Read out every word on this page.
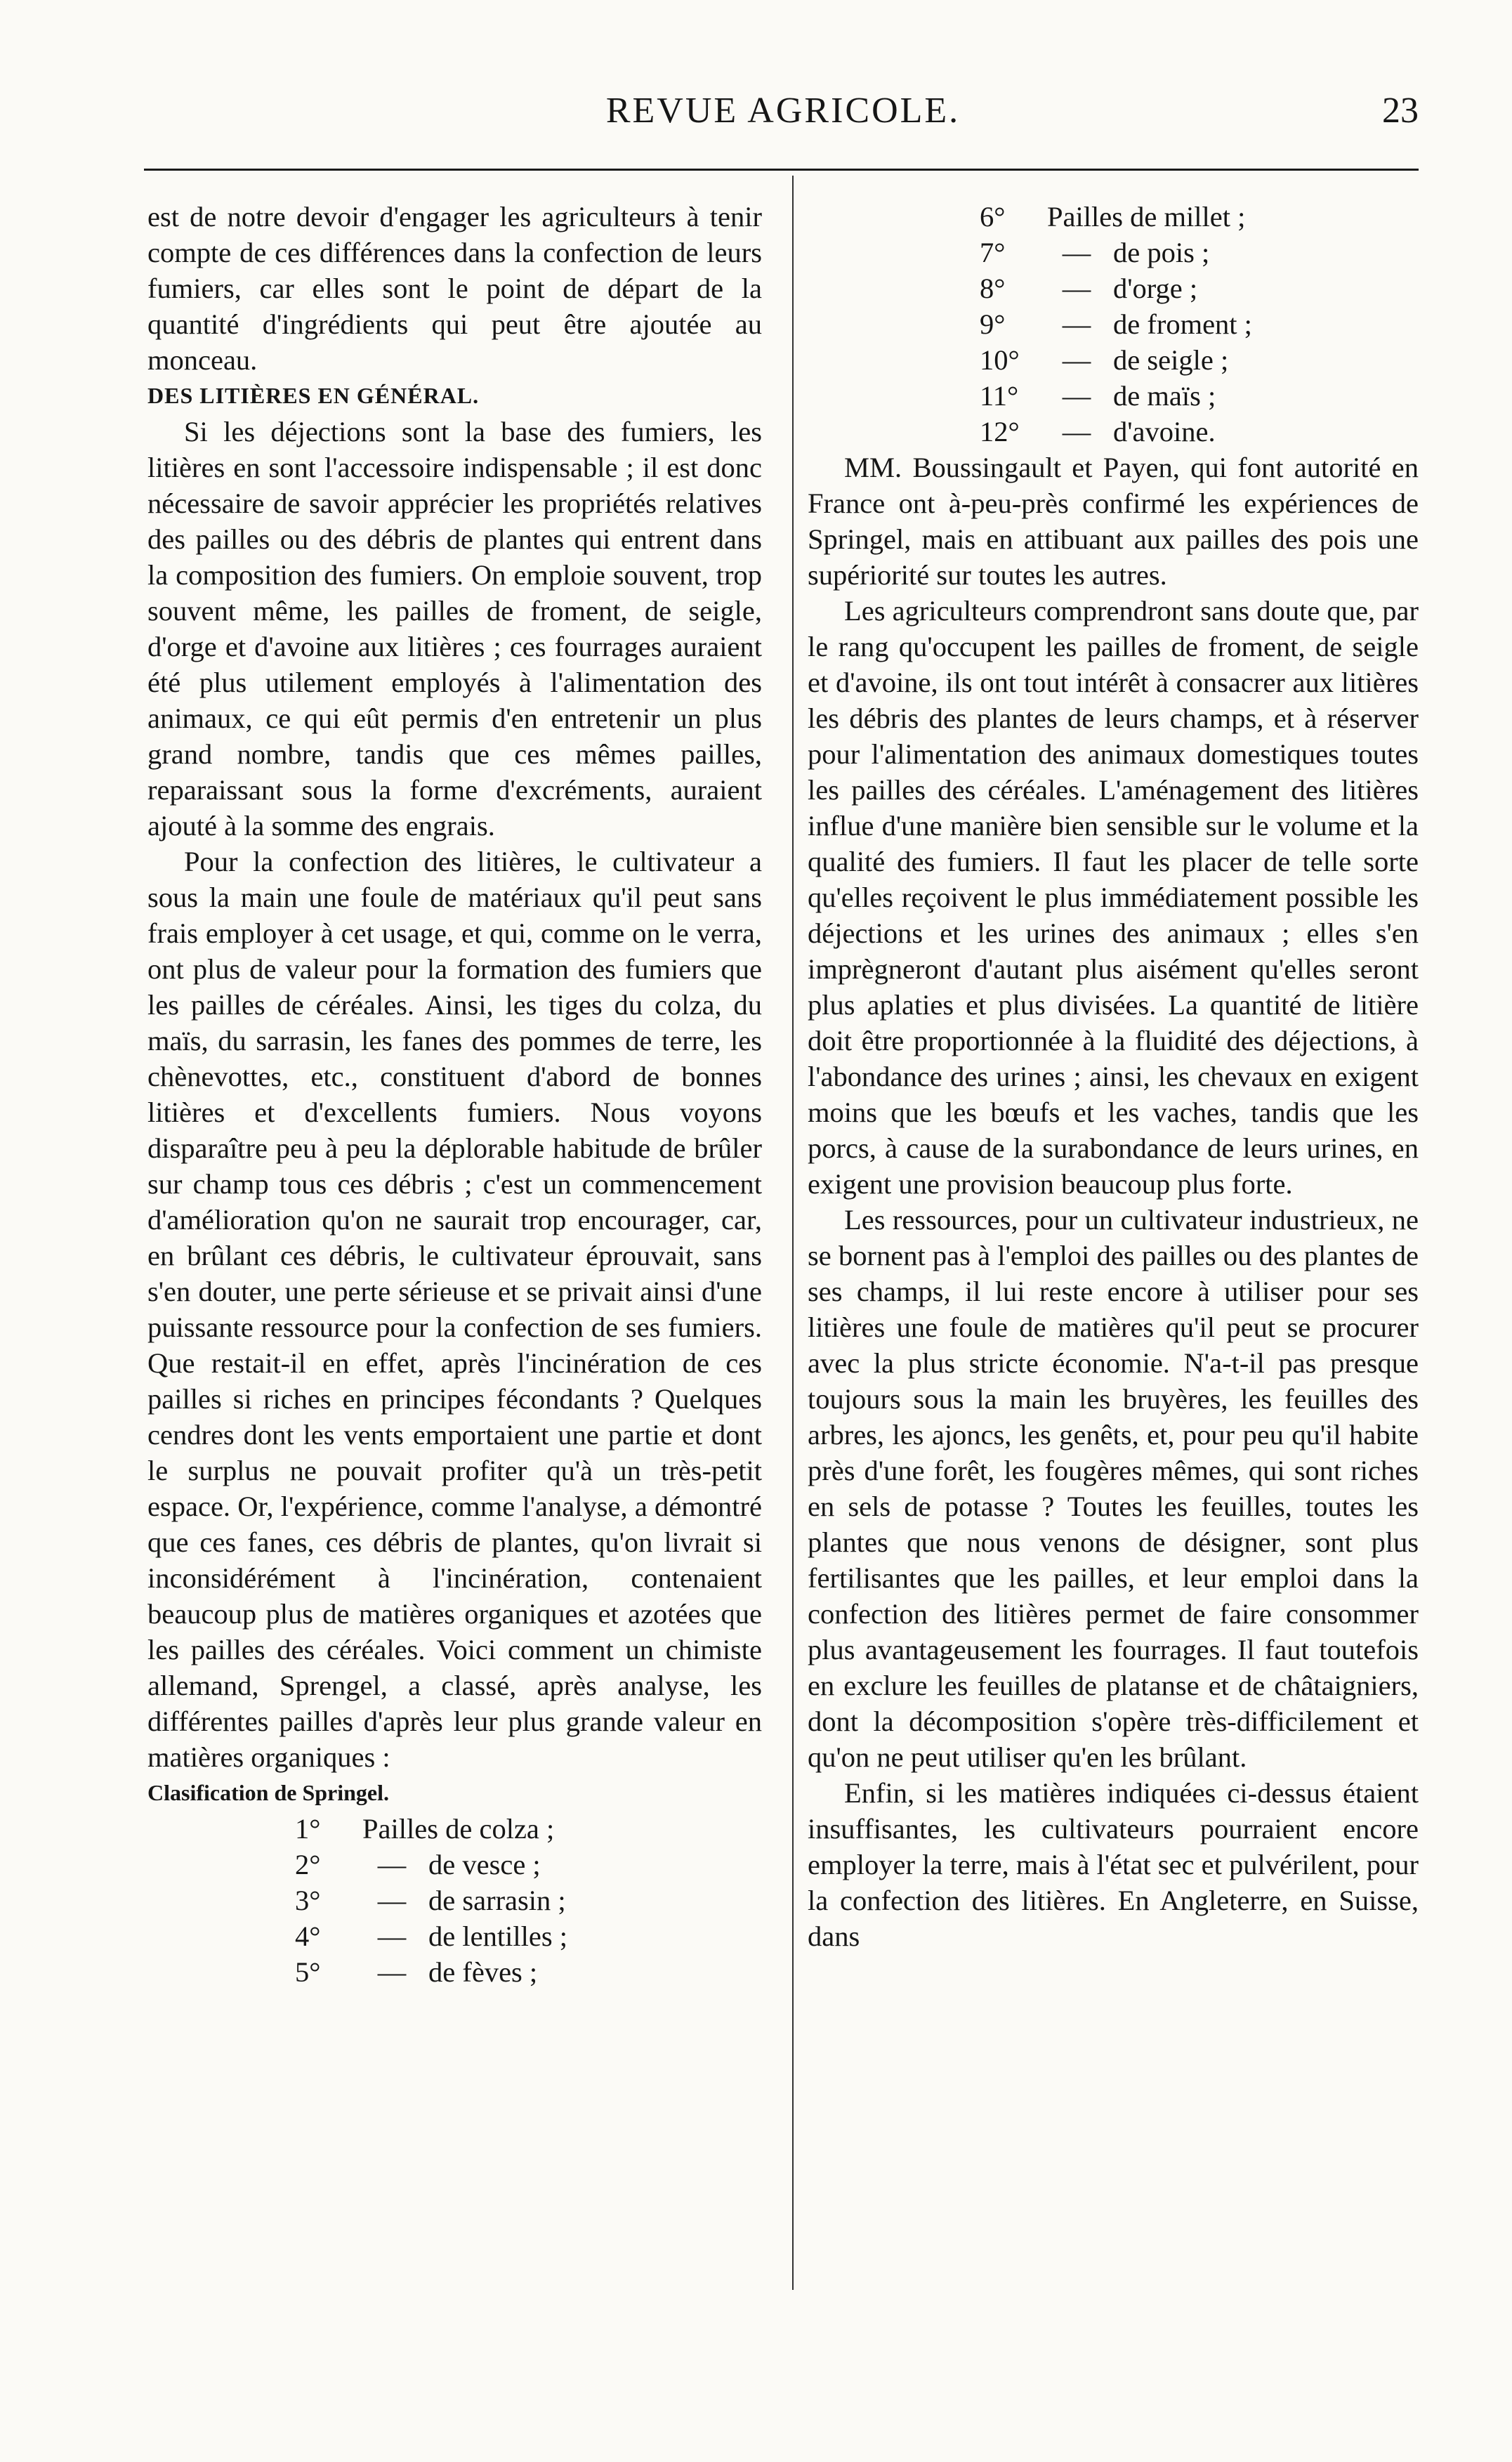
REVUE AGRICOLE.	23

est de notre devoir d'engager les agriculteurs à tenir compte de ces différences dans la confection de leurs fumiers, car elles sont le point de départ de la quantité d'ingrédients qui peut être ajoutée au monceau.

DES LITIÈRES EN GÉNÉRAL.

Si les déjections sont la base des fumiers, les litières en sont l'accessoire indispensable ; il est donc nécessaire de savoir apprécier les propriétés relatives des pailles ou des débris de plantes qui entrent dans la composition des fumiers. On emploie souvent, trop souvent même, les pailles de froment, de seigle, d'orge et d'avoine aux litières ; ces fourrages auraient été plus utilement employés à l'alimentation des animaux, ce qui eût permis d'en entretenir un plus grand nombre, tandis que ces mêmes pailles, reparaissant sous la forme d'excréments, auraient ajouté à la somme des engrais.

Pour la confection des litières, le cultivateur a sous la main une foule de matériaux qu'il peut sans frais employer à cet usage, et qui, comme on le verra, ont plus de valeur pour la formation des fumiers que les pailles de céréales. Ainsi, les tiges du colza, du maïs, du sarrasin, les fanes des pommes de terre, les chènevottes, etc., constituent d'abord de bonnes litières et d'excellents fumiers. Nous voyons disparaître peu à peu la déplorable habitude de brûler sur champ tous ces débris ; c'est un commencement d'amélioration qu'on ne saurait trop encourager, car, en brûlant ces débris, le cultivateur éprouvait, sans s'en douter, une perte sérieuse et se privait ainsi d'une puissante ressource pour la confection de ses fumiers. Que restait-il en effet, après l'incinération de ces pailles si riches en principes fécondants ? Quelques cendres dont les vents emportaient une partie et dont le surplus ne pouvait profiter qu'à un très-petit espace. Or, l'expérience, comme l'analyse, a démontré que ces fanes, ces débris de plantes, qu'on livrait si inconsidérément à l'incinération, contenaient beaucoup plus de matières organiques et azotées que les pailles des céréales. Voici comment un chimiste allemand, Sprengel, a classé, après analyse, les différentes pailles d'après leur plus grande valeur en matières organiques :

Clasification de Springel.

1°	Pailles de colza ;
2°	— de vesce ;
3°	— de sarrasin ;
4°	— de lentilles ;
5°	— de fèves ;
6°	Pailles de millet ;
7°	— de pois ;
8°	— d'orge ;
9°	— de froment ;
10°	— de seigle ;
11°	— de maïs ;
12°	— d'avoine.

MM. Boussingault et Payen, qui font autorité en France ont à-peu-près confirmé les expériences de Springel, mais en attibuant aux pailles des pois une supériorité sur toutes les autres.

Les agriculteurs comprendront sans doute que, par le rang qu'occupent les pailles de froment, de seigle et d'avoine, ils ont tout intérêt à consacrer aux litières les débris des plantes de leurs champs, et à réserver pour l'alimentation des animaux domestiques toutes les pailles des céréales. L'aménagement des litières influe d'une manière bien sensible sur le volume et la qualité des fumiers. Il faut les placer de telle sorte qu'elles reçoivent le plus immédiatement possible les déjections et les urines des animaux ; elles s'en imprègneront d'autant plus aisément qu'elles seront plus aplaties et plus divisées. La quantité de litière doit être proportionnée à la fluidité des déjections, à l'abondance des urines ; ainsi, les chevaux en exigent moins que les bœufs et les vaches, tandis que les porcs, à cause de la surabondance de leurs urines, en exigent une provision beaucoup plus forte.

Les ressources, pour un cultivateur industrieux, ne se bornent pas à l'emploi des pailles ou des plantes de ses champs, il lui reste encore à utiliser pour ses litières une foule de matières qu'il peut se procurer avec la plus stricte économie. N'a-t-il pas presque toujours sous la main les bruyères, les feuilles des arbres, les ajoncs, les genêts, et, pour peu qu'il habite près d'une forêt, les fougères mêmes, qui sont riches en sels de potasse ? Toutes les feuilles, toutes les plantes que nous venons de désigner, sont plus fertilisantes que les pailles, et leur emploi dans la confection des litières permet de faire consommer plus avantageusement les fourrages. Il faut toutefois en exclure les feuilles de platanse et de châtaigniers, dont la décomposition s'opère très-difficilement et qu'on ne peut utiliser qu'en les brûlant.

Enfin, si les matières indiquées ci-dessus étaient insuffisantes, les cultivateurs pourraient encore employer la terre, mais à l'état sec et pulvérilent, pour la confection des litières. En Angleterre, en Suisse, dans
